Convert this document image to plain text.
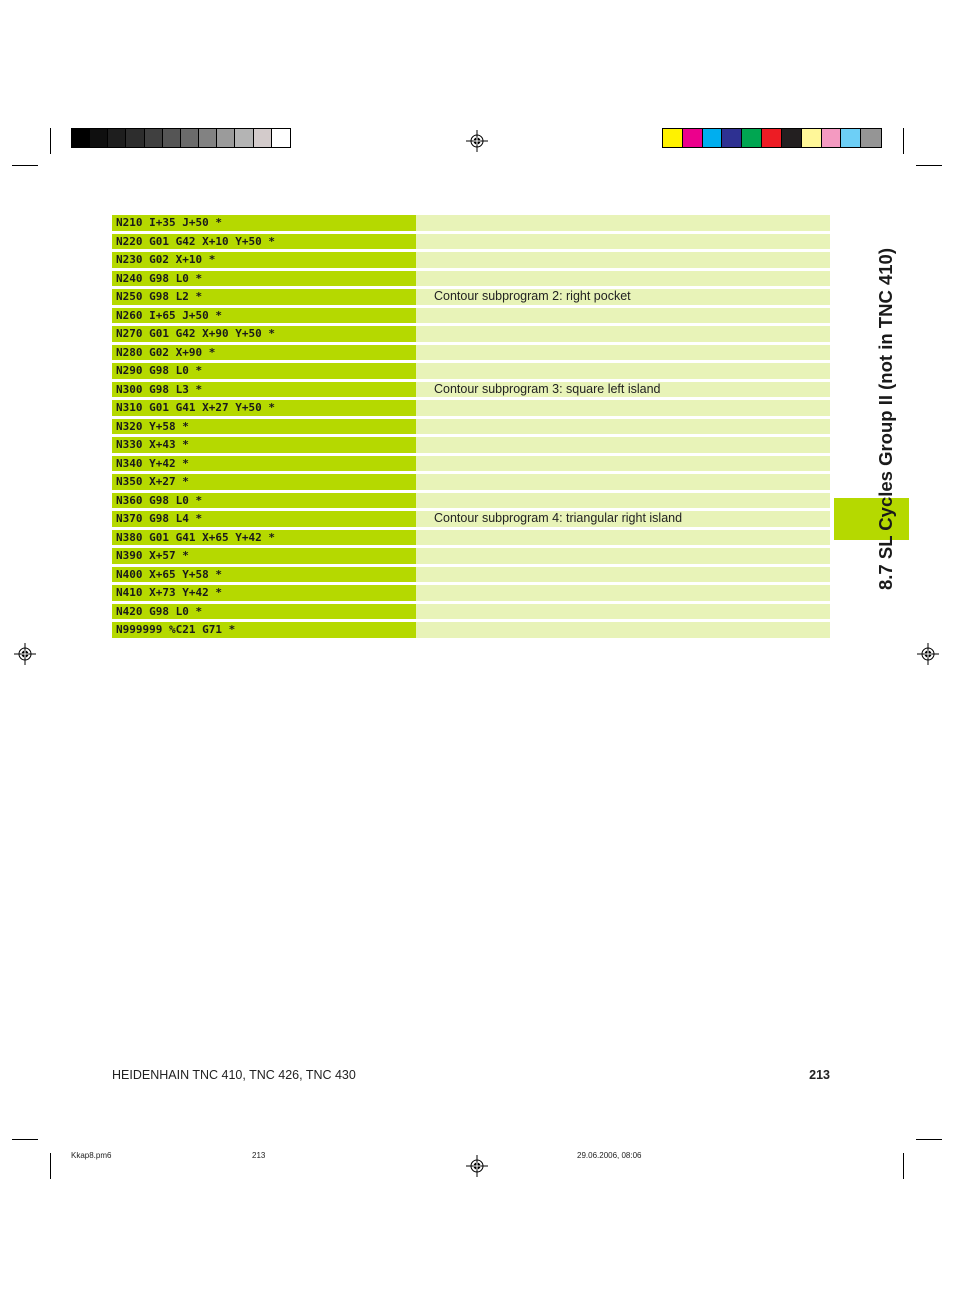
N210 I+35 J+50 *
N220 G01 G42 X+10 Y+50 *
N230 G02 X+10 *
N240 G98 L0 *
N250 G98 L2 *	Contour subprogram 2: right pocket
N260 I+65 J+50 *
N270 G01 G42 X+90 Y+50 *
N280 G02 X+90 *
N290 G98 L0 *
N300 G98 L3 *	Contour subprogram 3: square left island
N310 G01 G41 X+27 Y+50 *
N320 Y+58 *
N330 X+43 *
N340 Y+42 *
N350 X+27 *
N360 G98 L0 *
N370 G98 L4 *	Contour subprogram 4: triangular right island
N380 G01 G41 X+65 Y+42 *
N390 X+57 *
N400 X+65 Y+58 *
N410 X+73 Y+42 *
N420 G98 L0 *
N999999 %C21 G71 *
8.7 SL Cycles Group II (not in TNC 410)
HEIDENHAIN TNC 410, TNC 426, TNC 430	213
Kkap8.pm6	213	29.06.2006, 08:06
